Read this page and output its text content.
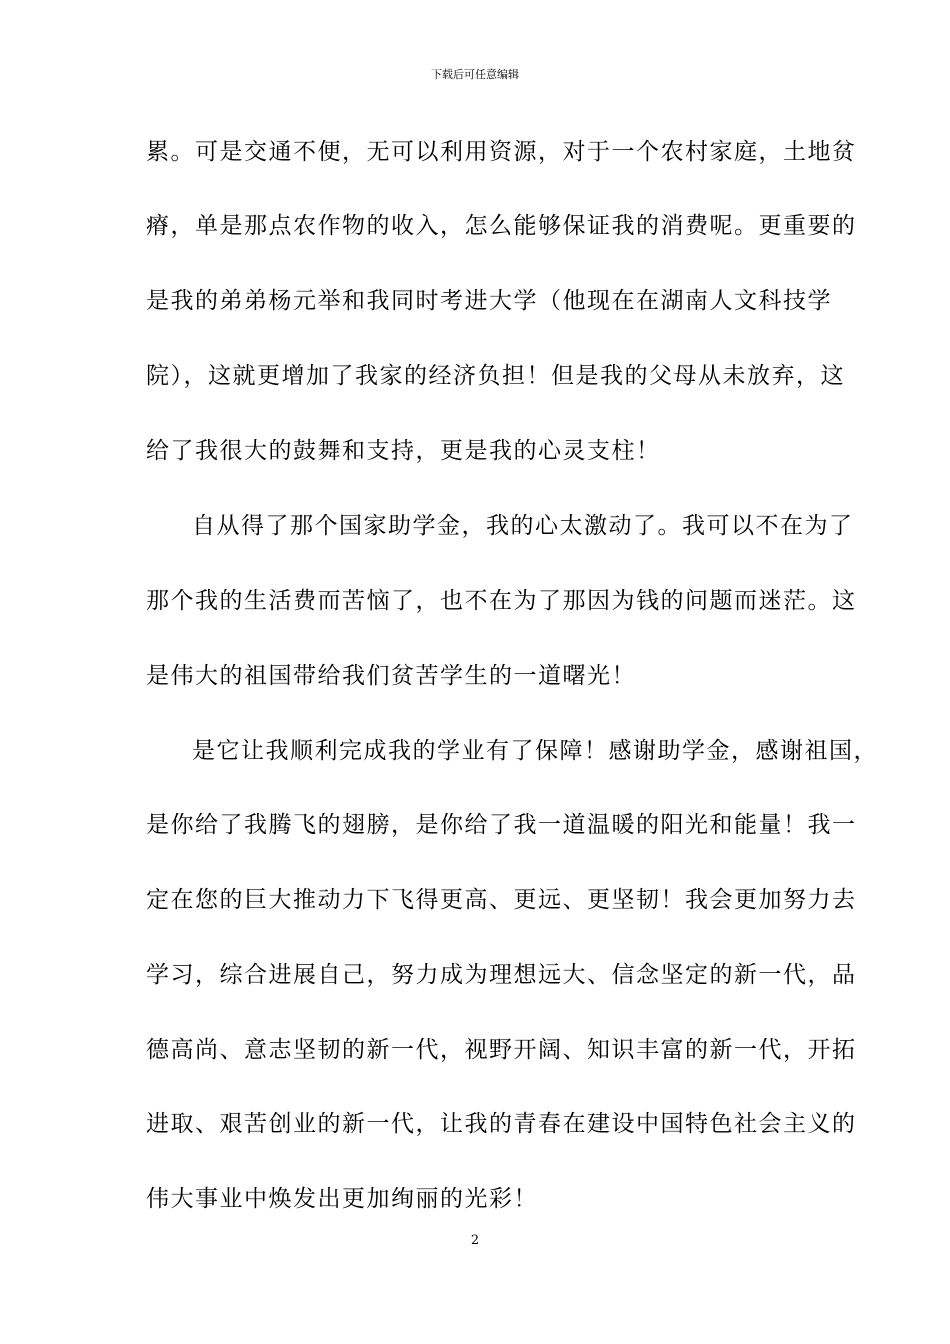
下载后可任意编辑
累。可是交通不便，无可以利用资源，对于一个农村家庭，土地贫
瘠，单是那点农作物的收入，怎么能够保证我的消费呢。更重要的
是我的弟弟杨元举和我同时考进大学（他现在在湖南人文科技学
院），这就更增加了我家的经济负担！但是我的父母从未放弃，这
给了我很大的鼓舞和支持，更是我的心灵支柱！
自从得了那个国家助学金，我的心太激动了。我可以不在为了
那个我的生活费而苦恼了，也不在为了那因为钱的问题而迷茫。这
是伟大的祖国带给我们贫苦学生的一道曙光！
是它让我顺利完成我的学业有了保障！感谢助学金，感谢祖国，
是你给了我腾飞的翅膀，是你给了我一道温暖的阳光和能量！我一
定在您的巨大推动力下飞得更高、更远、更坚韧！我会更加努力去
学习，综合进展自己，努力成为理想远大、信念坚定的新一代，品
德高尚、意志坚韧的新一代，视野开阔、知识丰富的新一代，开拓
进取、艰苦创业的新一代，让我的青春在建设中国特色社会主义的
伟大事业中焕发出更加绚丽的光彩！
2
